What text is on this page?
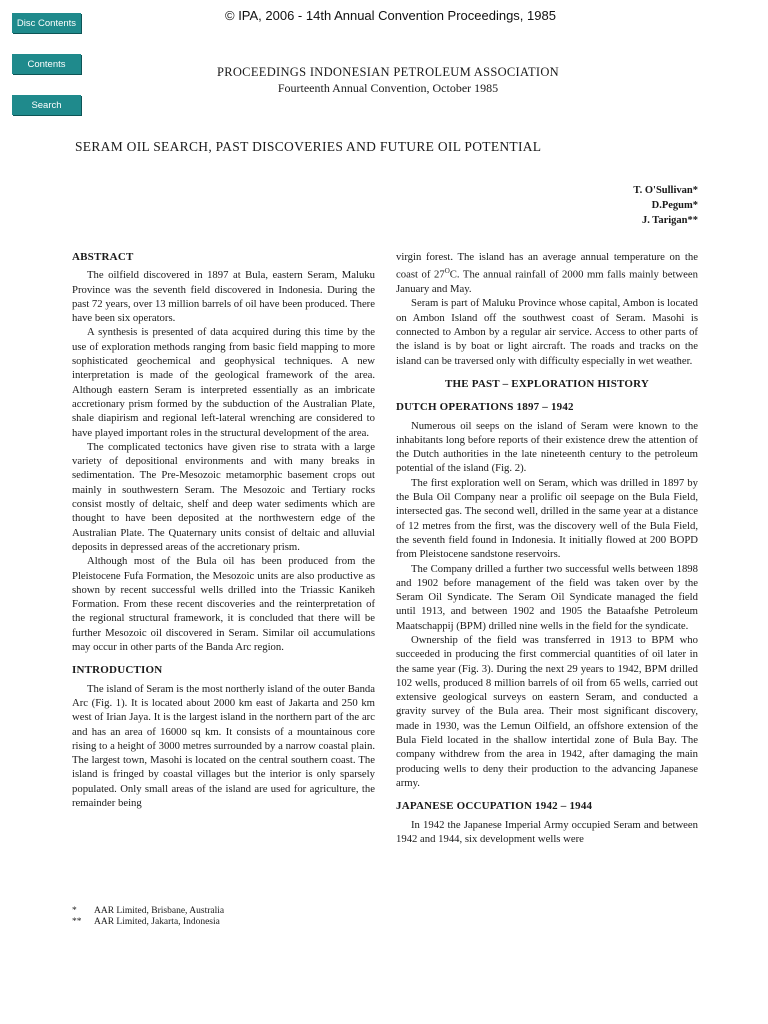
Disc Contents
Contents
Search
© IPA, 2006 - 14th Annual Convention Proceedings, 1985
PROCEEDINGS INDONESIAN PETROLEUM ASSOCIATION
Fourteenth Annual Convention, October 1985
SERAM OIL SEARCH, PAST DISCOVERIES AND FUTURE OIL POTENTIAL
T. O'Sullivan*
D.Pegum*
J. Tarigan**
ABSTRACT

The oilfield discovered in 1897 at Bula, eastern Seram, Maluku Province was the seventh field discovered in Indonesia. During the past 72 years, over 13 million barrels of oil have been produced. There have been six operators.

A synthesis is presented of data acquired during this time by the use of exploration methods ranging from basic field mapping to more sophisticated geochemical and geophysical techniques. A new interpretation is made of the geological framework of the area. Although eastern Seram is interpreted essentially as an imbricate accretionary prism formed by the subduction of the Australian Plate, shale diapirism and regional left-lateral wrenching are considered to have played important roles in the structural development of the area.

The complicated tectonics have given rise to strata with a large variety of depositional environments and with many breaks in sedimentation. The Pre-Mesozoic metamorphic basement crops out mainly in southwestern Seram. The Mesozoic and Tertiary rocks consist mostly of deltaic, shelf and deep water sediments which are thought to have been deposited at the northwestern edge of the Australian Plate. The Quaternary units consist of deltaic and alluvial deposits in depressed areas of the accretionary prism.

Although most of the Bula oil has been produced from the Pleistocene Fufa Formation, the Mesozoic units are also productive as shown by recent successful wells drilled into the Triassic Kanikeh Formation. From these recent discoveries and the reinterpretation of the regional structural framework, it is concluded that there will be further Mesozoic oil discovered in Seram. Similar oil accumulations may occur in other parts of the Banda Arc region.

INTRODUCTION

The island of Seram is the most northerly island of the outer Banda Arc (Fig. 1). It is located about 2000 km east of Jakarta and 250 km west of Irian Jaya. It is the largest island in the northern part of the arc and has an area of 16000 sq km. It consists of a mountainous core rising to a height of 3000 metres surrounded by a narrow coastal plain. The largest town, Masohi is located on the central southern coast. The island is fringed by coastal villages but the interior is only sparsely populated. Only small areas of the island are used for agriculture, the remainder being

virgin forest. The island has an average annual temperature on the coast of $27^OC$. The annual rainfall of 2000 mm falls mainly between January and May.

Seram is part of Maluku Province whose capital, Ambon is located on Ambon Island off the southwest coast of Seram. Masohi is connected to Ambon by a regular air service. Access to other parts of the island is by boat or light aircraft. The roads and tracks on the island can be traversed only with difficulty especially in wet weather.

THE PAST – EXPLORATION HISTORY
DUTCH OPERATIONS 1897 – 1942

Numerous oil seeps on the island of Seram were known to the inhabitants long before reports of their existence drew the attention of the Dutch authorities in the late nineteenth century to the petroleum potential of the island (Fig. 2).

The first exploration well on Seram, which was drilled in 1897 by the Bula Oil Company near a prolific oil seepage on the Bula Field, intersected gas. The second well, drilled in the same year at a distance of 12 metres from the first, was the discovery well of the Bula Field, the seventh field found in Indonesia. It initially flowed at 200 BOPD from Pleistocene sandstone reservoirs.

The Company drilled a further two successful wells between 1898 and 1902 before management of the field was taken over by the Seram Oil Syndicate. The Seram Oil Syndicate managed the field until 1913, and between 1902 and 1905 the Bataafshe Petroleum Maatschappij (BPM) drilled nine wells in the field for the syndicate.

Ownership of the field was transferred in 1913 to BPM who succeeded in producing the first commercial quantities of oil later in the same year (Fig. 3). During the next 29 years to 1942, BPM drilled 102 wells, produced 8 million barrels of oil from 65 wells, carried out extensive geological surveys on eastern Seram, and conducted a gravity survey of the Bula area. Their most significant discovery, made in 1930, was the Lemun Oilfield, an offshore extension of the Bula Field located in the shallow intertidal zone of Bula Bay. The company withdrew from the area in 1942, after damaging the main producing wells to deny their production to the advancing Japanese army.

JAPANESE OCCUPATION 1942 – 1944

In 1942 the Japanese Imperial Army occupied Seram and between 1942 and 1944, six development wells were

*	AAR Limited, Brisbane, Australia
**	AAR Limited, Jakarta, Indonesia
